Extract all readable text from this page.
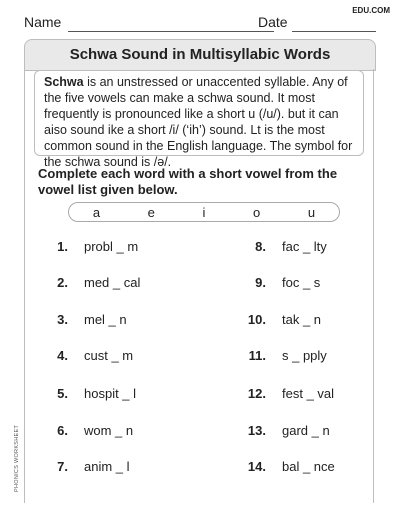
Name	Date
EDU.COM
Schwa Sound in Multisyllabic Words
Schwa is an unstressed or unaccented syllable. Any of the five vowels can make a schwa sound. It most frequently is pronounced like a short u (/u/). but it can aiso sound ike a short /i/ (‘ih’) sound. Lt is the most common sound in the English language. The symbol for the schwa sound is /ə/.
Complete each word with a short vowel from the vowel list given below.
a	e	i	o	u
1. probl _ m
2. med _ cal
3. mel _ n
4. cust _ m
5. hospit _ l
6. wom _ n
7. anim _ l
8. fac _ lty
9. foc _ s
10. tak _ n
11. s _ pply
12. fest _ val
13. gard _ n
14. bal _ nce
PHONICS WORKSHEET
